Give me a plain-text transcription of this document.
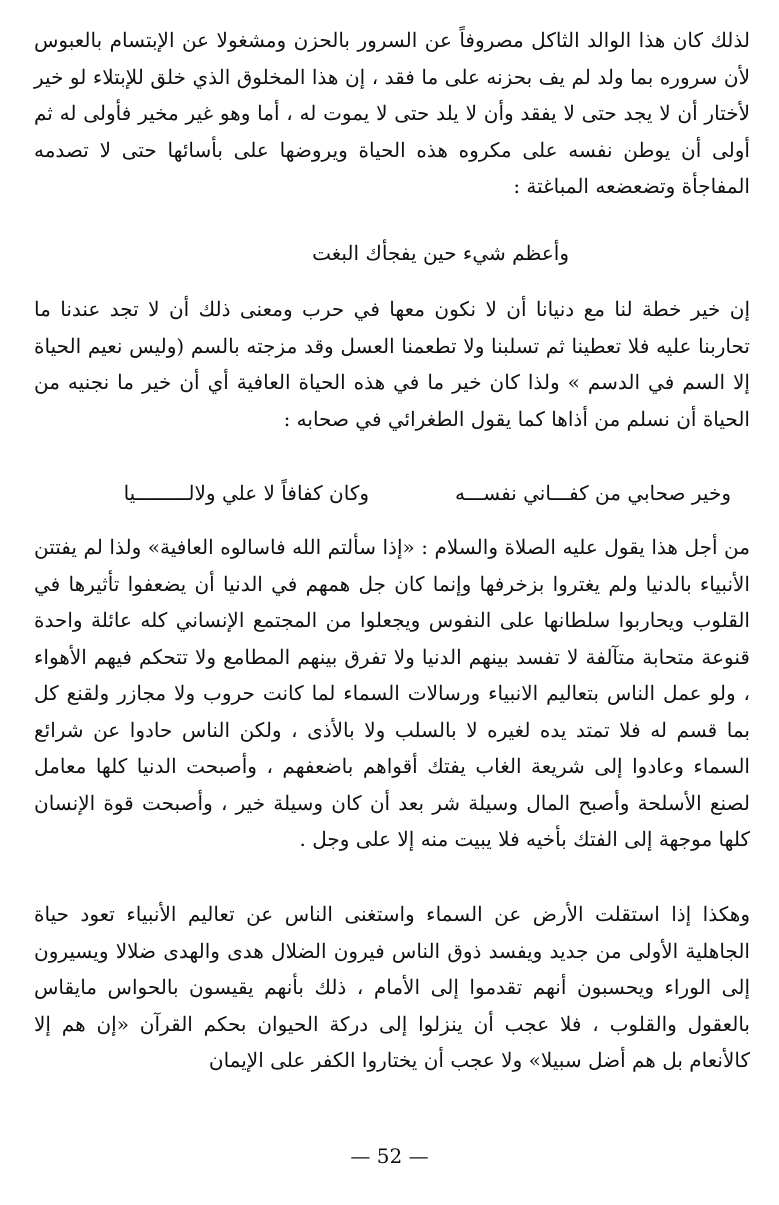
لذلك كان هذا الوالد الثاكل مصروفاً عن السرور بالحزن ومشغولا عن الإبتسام بالعبوس لأن سروره بما ولد لم يف بحزنه على ما فقد ، إن هذا المخلوق الذي خلق للإبتلاء لو خير لأختار أن لا يجد حتى لا يفقد وأن لا يلد حتى لا يموت له ، أما وهو غير مخير فأولى له ثم أولى أن يوطن نفسه على مكروه هذه الحياة ويروضها على بأسائها حتى لا تصدمه المفاجأة وتضعضعه المباغتة :
وأعظم شيء حين يفجأك البغت
إن خير خطة لنا مع دنيانا أن لا نكون معها في حرب ومعنى ذلك أن لا تجد عندنا ما تحاربنا عليه فلا تعطينا ثم تسلبنا ولا تطعمنا العسل وقد مزجته بالسم (وليس نعيم الحياة إلا السم في الدسم » ولذا كان خير ما في هذه الحياة العافية أي أن خير ما نجنيه من الحياة أن نسلم من أذاها كما يقول الطغرائي في صحابه :
وخير صحابي من كفـــاني نفســـه
وكان كفافاً لا علي ولالـــــــــيا
من أجل هذا يقول عليه الصلاة والسلام : «إذا سألتم الله فاسالوه العافية» ولذا لم يفتتن الأنبياء بالدنيا ولم يغتروا بزخرفها وإنما كان جل همهم في الدنيا أن يضعفوا تأثيرها في القلوب ويحاربوا سلطانها على النفوس ويجعلوا من المجتمع الإنساني كله عائلة واحدة قنوعة متحابة متآلفة لا تفسد بينهم الدنيا ولا تفرق بينهم المطامع ولا تتحكم فيهم الأهواء ، ولو عمل الناس بتعاليم الانبياء ورسالات السماء لما كانت حروب ولا مجازر ولقنع كل بما قسم له فلا تمتد يده لغيره لا بالسلب ولا بالأذى ، ولكن الناس حادوا عن شرائع السماء وعادوا إلى شريعة الغاب يفتك أقواهم باضعفهم ، وأصبحت الدنيا كلها معامل لصنع الأسلحة وأصبح المال وسيلة شر بعد أن كان وسيلة خير ، وأصبحت قوة الإنسان كلها موجهة إلى الفتك بأخيه فلا يبيت منه إلا على وجل .
وهكذا إذا استقلت الأرض عن السماء واستغنى الناس عن تعاليم الأنبياء تعود حياة الجاهلية الأولى من جديد ويفسد ذوق الناس فيرون الضلال هدى والهدى ضلالا ويسيرون إلى الوراء ويحسبون أنهم تقدموا إلى الأمام ، ذلك بأنهم يقيسون بالحواس مايقاس بالعقول والقلوب ، فلا عجب أن ينزلوا إلى دركة الحيوان بحكم القرآن «إن هم إلا كالأنعام بل هم أضل سبيلا» ولا عجب أن يختاروا الكفر على الإيمان
— 52 —
